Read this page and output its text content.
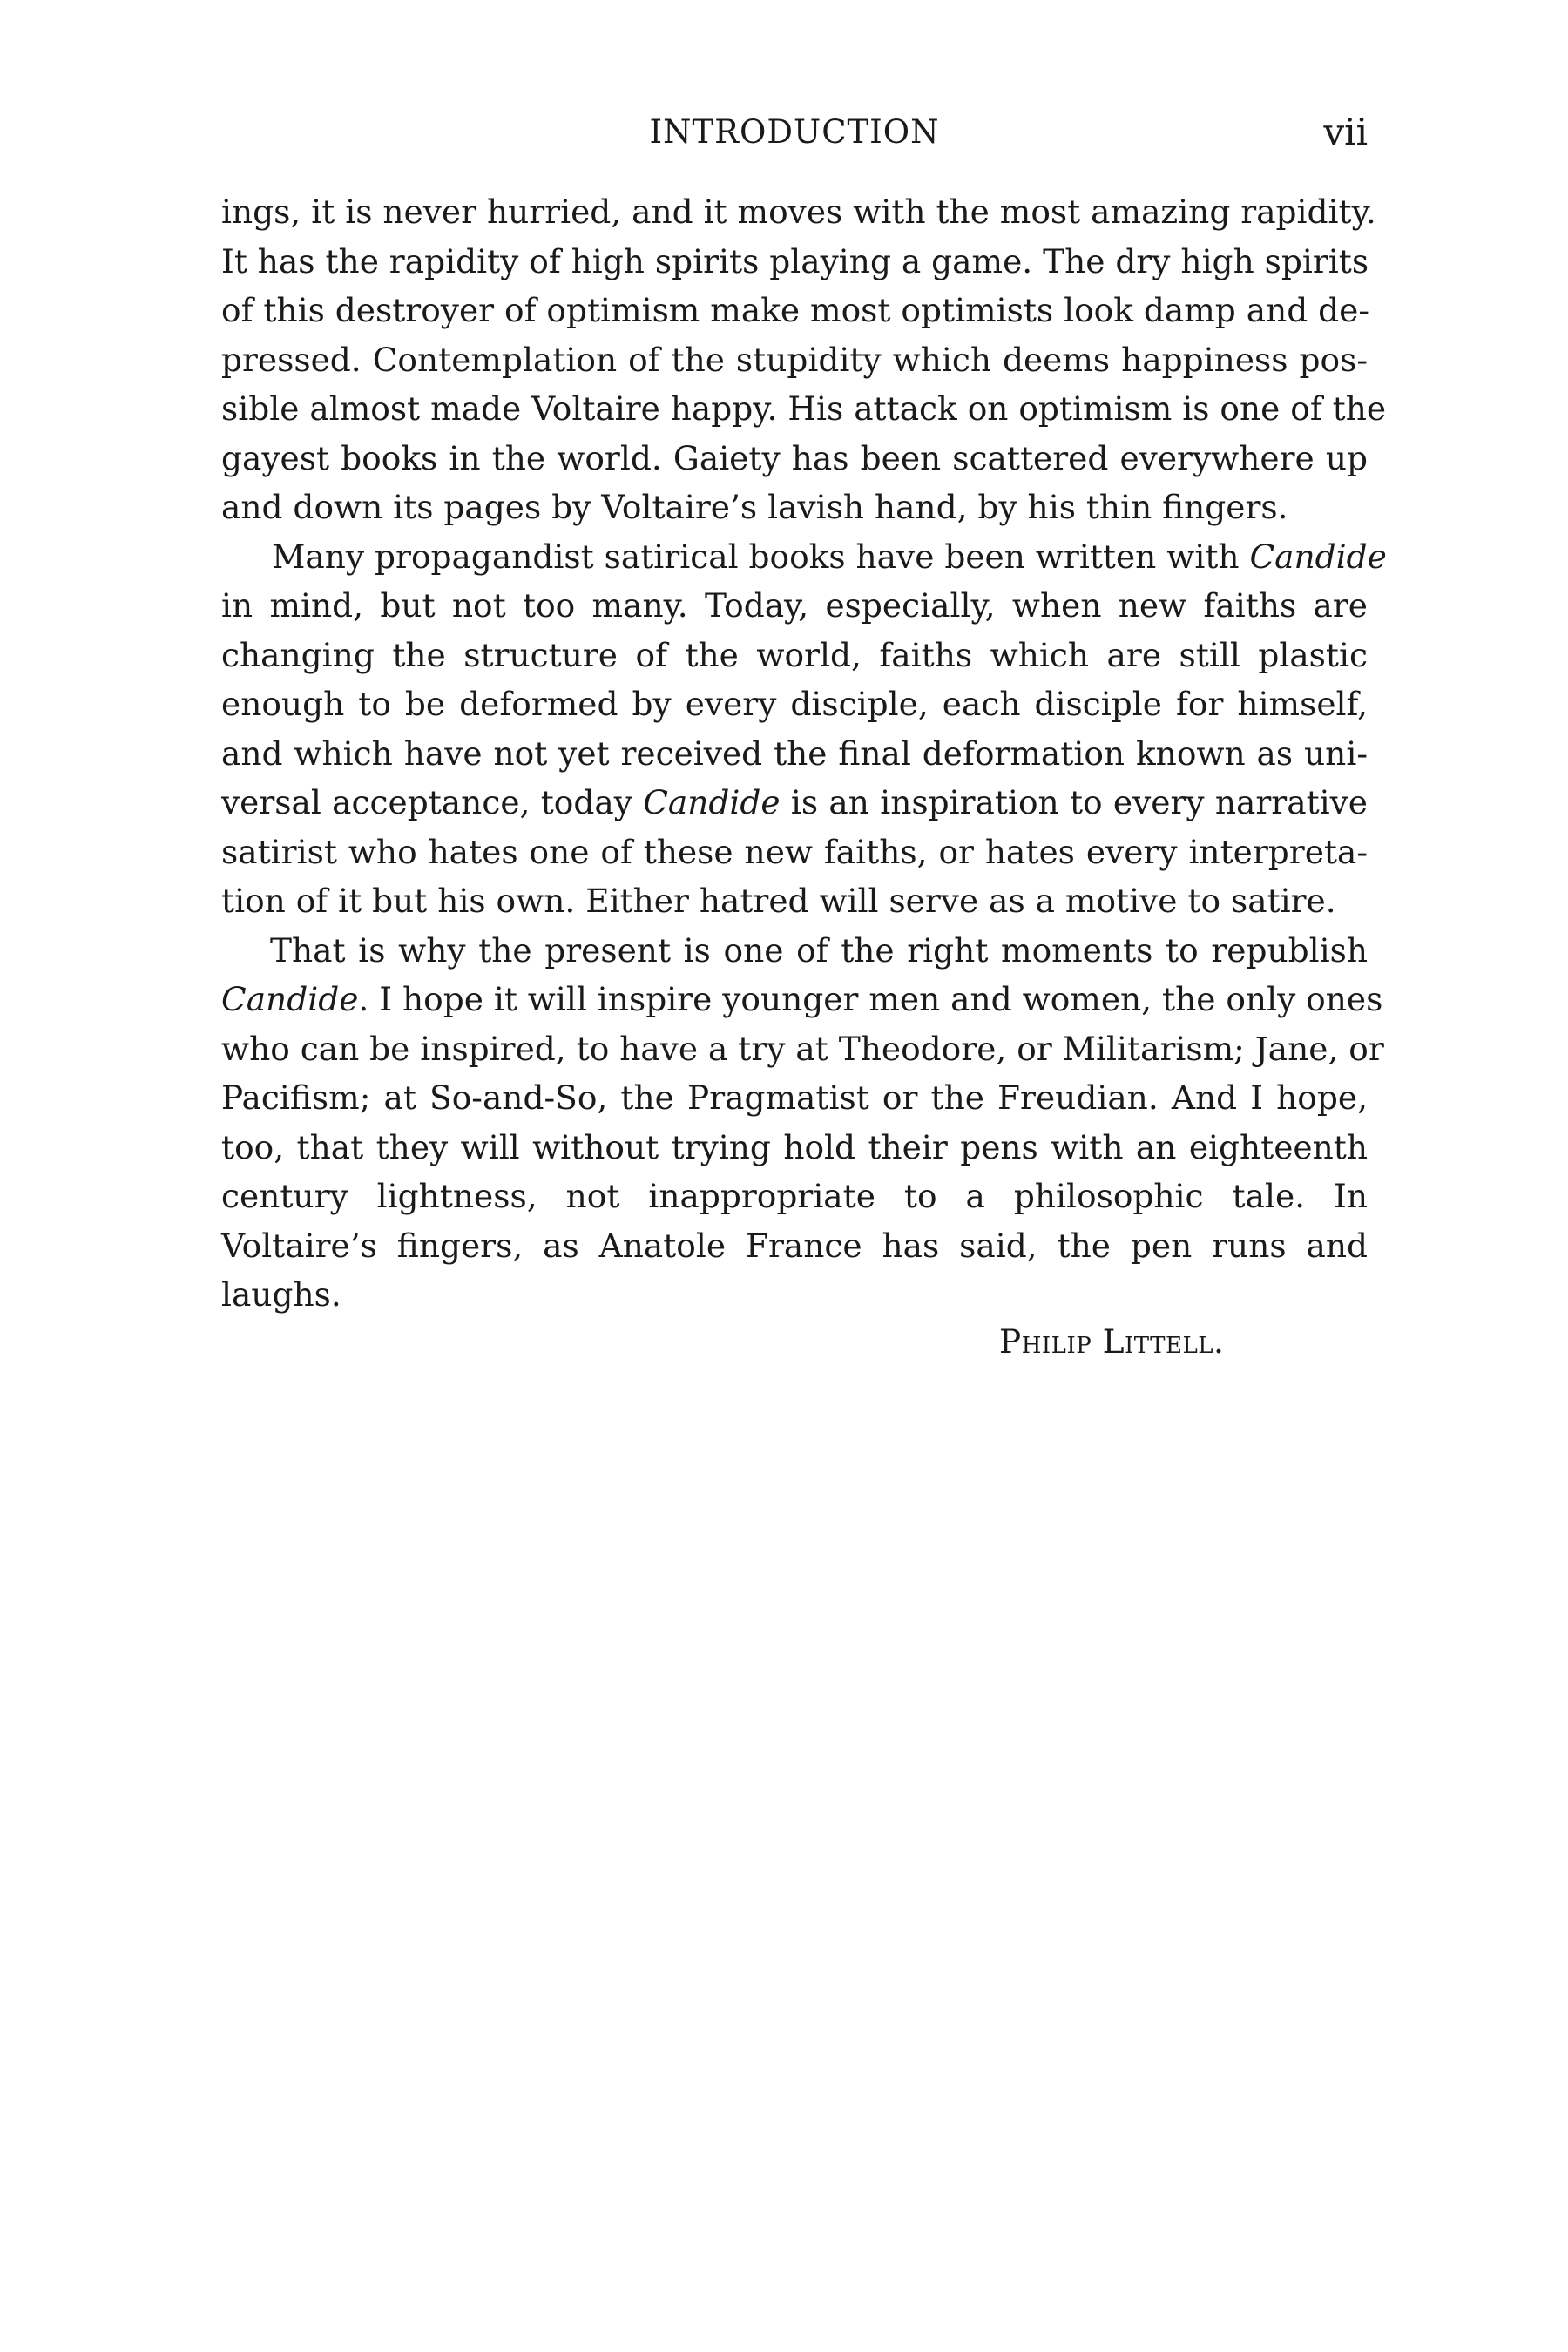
INTRODUCTION	vii
ings, it is never hurried, and it moves with the most amazing rapidity.
It has the rapidity of high spirits playing a game. The dry high spirits
of this destroyer of optimism make most optimists look damp and de-
pressed. Contemplation of the stupidity which deems happiness pos-
sible almost made Voltaire happy. His attack on optimism is one of the
gayest books in the world. Gaiety has been scattered everywhere up
and down its pages by Voltaire’s lavish hand, by his thin fingers.
Many propagandist satirical books have been written with Candide
in mind, but not too many. Today, especially, when new faiths are
changing the structure of the world, faiths which are still plastic
enough to be deformed by every disciple, each disciple for himself,
and which have not yet received the final deformation known as uni-
versal acceptance, today Candide is an inspiration to every narrative
satirist who hates one of these new faiths, or hates every interpreta-
tion of it but his own. Either hatred will serve as a motive to satire.
That is why the present is one of the right moments to republish
Candide. I hope it will inspire younger men and women, the only ones
who can be inspired, to have a try at Theodore, or Militarism; Jane, or
Pacifism; at So-and-So, the Pragmatist or the Freudian. And I hope,
too, that they will without trying hold their pens with an eighteenth
century lightness, not inappropriate to a philosophic tale. In
Voltaire’s fingers, as Anatole France has said, the pen runs and
laughs.
Philip Littell.
